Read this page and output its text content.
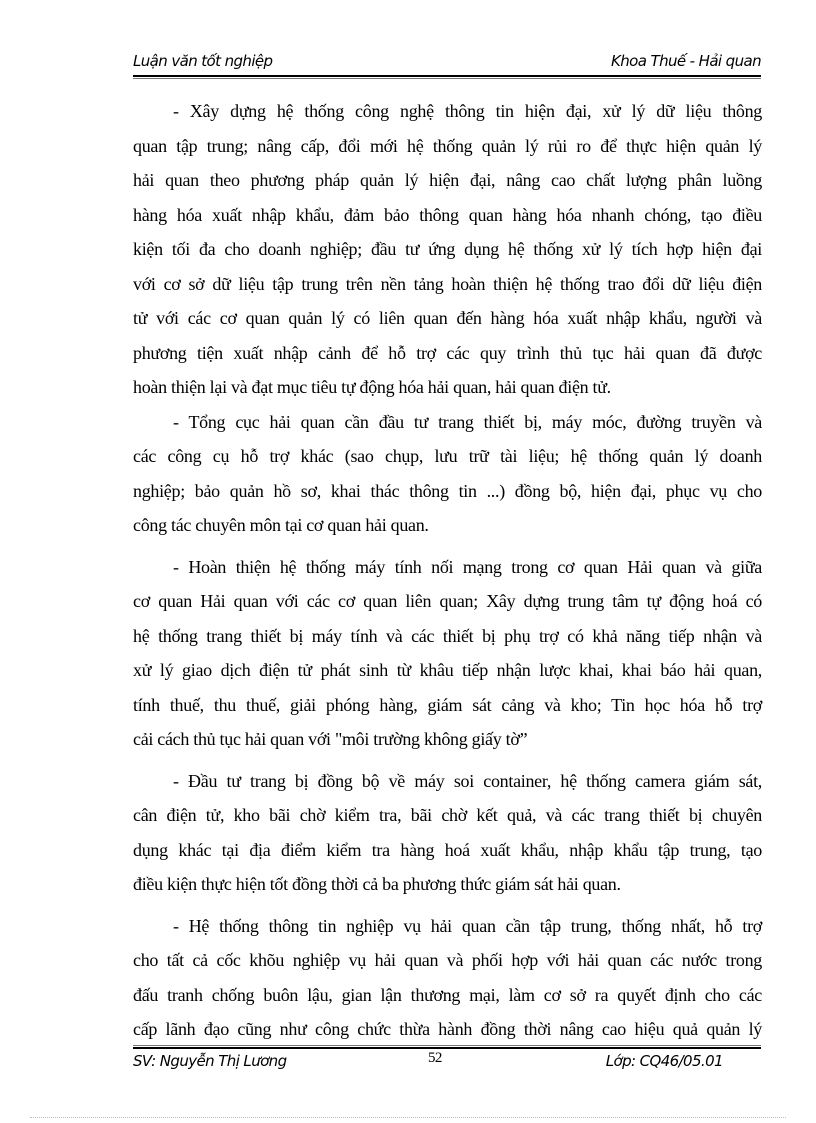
Luận văn tốt nghiệp	Khoa Thuế - Hải quan
- Xây dựng hệ thống công nghệ thông tin hiện đại, xử lý dữ liệu thông
quan tập trung; nâng cấp, đổi mới hệ thống quản lý rủi ro để thực hiện quản lý
hải quan theo phương pháp quản lý hiện đại, nâng cao chất lượng phân luồng
hàng hóa xuất nhập khẩu, đảm bảo thông quan hàng hóa nhanh chóng, tạo điều
kiện tối đa cho doanh nghiệp; đầu tư ứng dụng hệ thống xử lý tích hợp hiện đại
với cơ sở dữ liệu tập trung trên nền tảng hoàn thiện hệ thống trao đổi dữ liệu điện
tử với các cơ quan quản lý có liên quan đến hàng hóa xuất nhập khẩu, người và
phương tiện xuất nhập cảnh để hỗ trợ các quy trình thủ tục hải quan đã được
hoàn thiện lại và đạt mục tiêu tự động hóa hải quan, hải quan điện tử.
- Tổng cục hải quan cần đầu tư trang thiết bị, máy móc, đường truyền và
các công cụ hỗ trợ khác (sao chụp, lưu trữ tài liệu; hệ thống quản lý doanh
nghiệp; bảo quản hồ sơ, khai thác thông tin ...) đồng bộ, hiện đại, phục vụ cho
công tác chuyên môn tại cơ quan hải quan.
- Hoàn thiện hệ thống máy tính nối mạng trong cơ quan Hải quan và giữa
cơ quan Hải quan với các cơ quan liên quan; Xây dựng trung tâm tự động hoá có
hệ thống trang thiết bị máy tính và các thiết bị phụ trợ có khả năng tiếp nhận và
xử lý giao dịch điện tử phát sinh từ khâu tiếp nhận lược khai, khai báo hải quan,
tính thuế, thu thuế, giải phóng hàng, giám sát cảng và kho; Tin học hóa hỗ trợ
cải cách thủ tục hải quan với "môi trường không giấy tờ”
- Đầu tư trang bị đồng bộ về máy soi container, hệ thống camera giám sát,
cân điện tử, kho bãi chờ kiểm tra, bãi chờ kết quả, và các trang thiết bị chuyên
dụng khác tại địa điểm kiểm tra hàng hoá xuất khẩu, nhập khẩu tập trung, tạo
điều kiện thực hiện tốt đồng thời cả ba phương thức giám sát hải quan.
- Hệ thống thông tin nghiệp vụ hải quan cần tập trung, thống nhất, hỗ trợ
cho tất cả cốc khõu nghiệp vụ hải quan và phối hợp với hải quan các nước trong
đấu tranh chống buôn lậu, gian lận thương mại, làm cơ sở ra quyết định cho các
cấp lãnh đạo cũng như công chức thừa hành đồng thời nâng cao hiệu quả quản lý
SV: Nguyễn Thị Lương	52	Lớp: CQ46/05.01
